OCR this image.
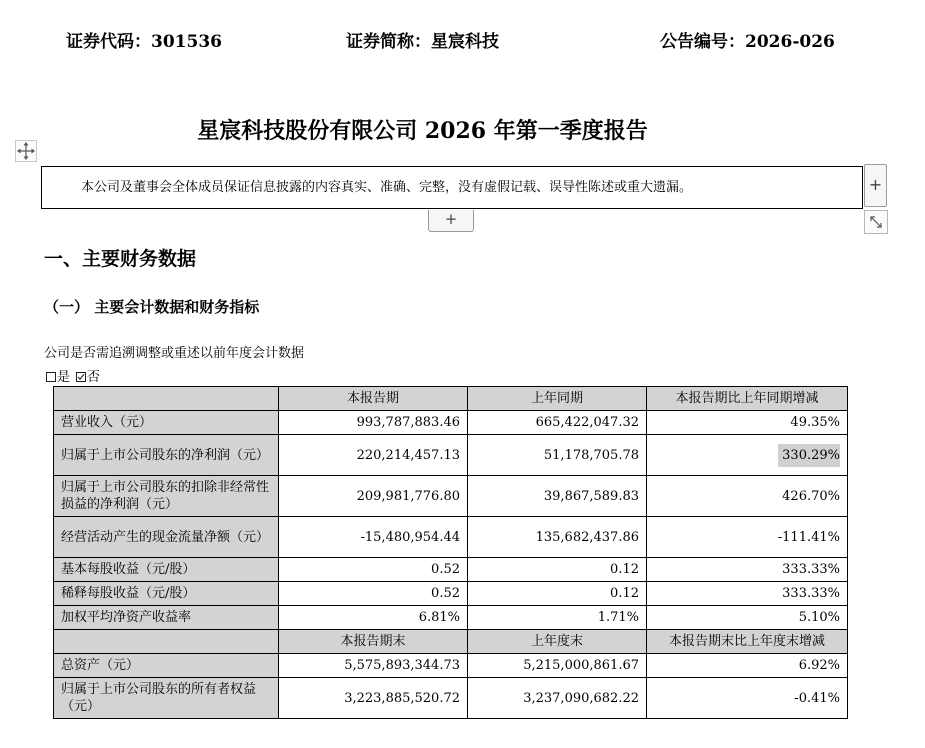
证券代码：301536	证券简称：星宸科技	公告编号：2026-026
星宸科技股份有限公司 2026 年第一季度报告
本公司及董事会全体成员保证信息披露的内容真实、准确、完整，没有虚假记载、误导性陈述或重大遗漏。	+
+
一、主要财务数据
（一） 主要会计数据和财务指标
公司是否需追溯调整或重述以前年度会计数据
是 否
	本报告期	上年同期	本报告期比上年同期增减
营业收入（元）	993,787,883.46	665,422,047.32	49.35%
归属于上市公司股东的净利润（元）	220,214,457.13	51,178,705.78	330.29%
归属于上市公司股东的扣除非经常性损益的净利润（元）	209,981,776.80	39,867,589.83	426.70%
经营活动产生的现金流量净额（元）	-15,480,954.44	135,682,437.86	-111.41%
基本每股收益（元/股）	0.52	0.12	333.33%
稀释每股收益（元/股）	0.52	0.12	333.33%
加权平均净资产收益率	6.81%	1.71%	5.10%
	本报告期末	上年度末	本报告期末比上年度末增减
总资产（元）	5,575,893,344.73	5,215,000,861.67	6.92%
归属于上市公司股东的所有者权益（元）	3,223,885,520.72	3,237,090,682.22	-0.41%
